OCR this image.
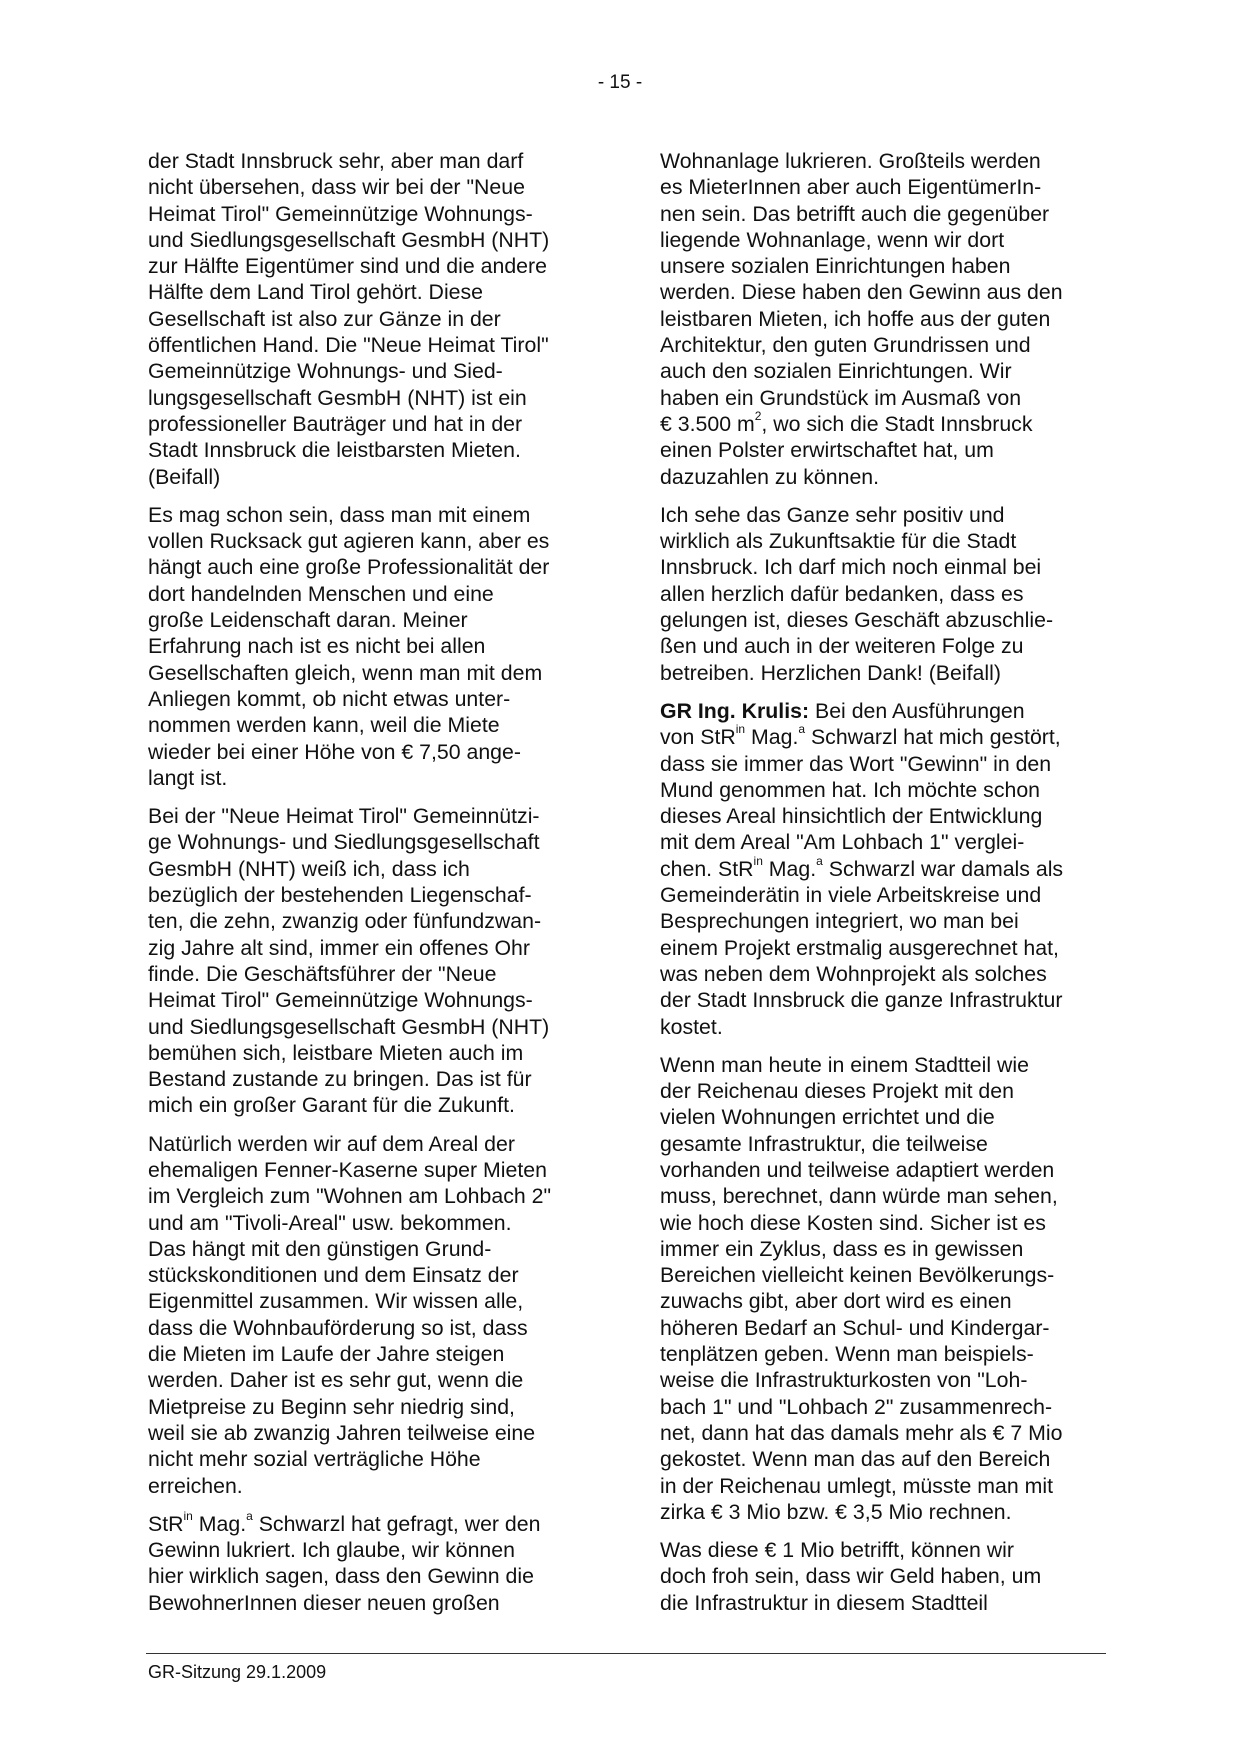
- 15 -

der Stadt Innsbruck sehr, aber man darf
nicht übersehen, dass wir bei der "Neue
Heimat Tirol" Gemeinnützige Wohnungs-
und Siedlungsgesellschaft GesmbH (NHT)
zur Hälfte Eigentümer sind und die andere
Hälfte dem Land Tirol gehört. Diese
Gesellschaft ist also zur Gänze in der
öffentlichen Hand. Die "Neue Heimat Tirol"
Gemeinnützige Wohnungs- und Sied-
lungsgesellschaft GesmbH (NHT) ist ein
professioneller Bauträger und hat in der
Stadt Innsbruck die leistbarsten Mieten.
(Beifall)

Es mag schon sein, dass man mit einem
vollen Rucksack gut agieren kann, aber es
hängt auch eine große Professionalität der
dort handelnden Menschen und eine
große Leidenschaft daran. Meiner
Erfahrung nach ist es nicht bei allen
Gesellschaften gleich, wenn man mit dem
Anliegen kommt, ob nicht etwas unter-
nommen werden kann, weil die Miete
wieder bei einer Höhe von € 7,50 ange-
langt ist.

Bei der "Neue Heimat Tirol" Gemeinnützi-
ge Wohnungs- und Siedlungsgesellschaft
GesmbH (NHT) weiß ich, dass ich
bezüglich der bestehenden Liegenschaf-
ten, die zehn, zwanzig oder fünfundzwan-
zig Jahre alt sind, immer ein offenes Ohr
finde. Die Geschäftsführer der "Neue
Heimat Tirol" Gemeinnützige Wohnungs-
und Siedlungsgesellschaft GesmbH (NHT)
bemühen sich, leistbare Mieten auch im
Bestand zustande zu bringen. Das ist für
mich ein großer Garant für die Zukunft.

Natürlich werden wir auf dem Areal der
ehemaligen Fenner-Kaserne super Mieten
im Vergleich zum "Wohnen am Lohbach 2"
und am "Tivoli-Areal" usw. bekommen.
Das hängt mit den günstigen Grund-
stückskonditionen und dem Einsatz der
Eigenmittel zusammen. Wir wissen alle,
dass die Wohnbauförderung so ist, dass
die Mieten im Laufe der Jahre steigen
werden. Daher ist es sehr gut, wenn die
Mietpreise zu Beginn sehr niedrig sind,
weil sie ab zwanzig Jahren teilweise eine
nicht mehr sozial verträgliche Höhe
erreichen.

StR$^{in}$ Mag.$^a$ Schwarzl hat gefragt, wer den
Gewinn lukriert. Ich glaube, wir können
hier wirklich sagen, dass den Gewinn die
BewohnerInnen dieser neuen großen

Wohnanlage lukrieren. Großteils werden
es MieterInnen aber auch EigentümerIn-
nen sein. Das betrifft auch die gegenüber
liegende Wohnanlage, wenn wir dort
unsere sozialen Einrichtungen haben
werden. Diese haben den Gewinn aus den
leistbaren Mieten, ich hoffe aus der guten
Architektur, den guten Grundrissen und
auch den sozialen Einrichtungen. Wir
haben ein Grundstück im Ausmaß von
€ 3.500 $m^2$, wo sich die Stadt Innsbruck
einen Polster erwirtschaftet hat, um
dazuzahlen zu können.

Ich sehe das Ganze sehr positiv und
wirklich als Zukunftsaktie für die Stadt
Innsbruck. Ich darf mich noch einmal bei
allen herzlich dafür bedanken, dass es
gelungen ist, dieses Geschäft abzuschlie-
ßen und auch in der weiteren Folge zu
betreiben. Herzlichen Dank! (Beifall)

GR Ing. Krulis: Bei den Ausführungen
von StR$^{in}$ Mag.$^a$ Schwarzl hat mich gestört,
dass sie immer das Wort "Gewinn" in den
Mund genommen hat. Ich möchte schon
dieses Areal hinsichtlich der Entwicklung
mit dem Areal "Am Lohbach 1" verglei-
chen. StR$^{in}$ Mag.$^a$ Schwarzl war damals als
Gemeinderätin in viele Arbeitskreise und
Besprechungen integriert, wo man bei
einem Projekt erstmalig ausgerechnet hat,
was neben dem Wohnprojekt als solches
der Stadt Innsbruck die ganze Infrastruktur
kostet.

Wenn man heute in einem Stadtteil wie
der Reichenau dieses Projekt mit den
vielen Wohnungen errichtet und die
gesamte Infrastruktur, die teilweise
vorhanden und teilweise adaptiert werden
muss, berechnet, dann würde man sehen,
wie hoch diese Kosten sind. Sicher ist es
immer ein Zyklus, dass es in gewissen
Bereichen vielleicht keinen Bevölkerungs-
zuwachs gibt, aber dort wird es einen
höheren Bedarf an Schul- und Kindergar-
tenplätzen geben. Wenn man beispiels-
weise die Infrastrukturkosten von "Loh-
bach 1" und "Lohbach 2" zusammenrech-
net, dann hat das damals mehr als € 7 Mio
gekostet. Wenn man das auf den Bereich
in der Reichenau umlegt, müsste man mit
zirka € 3 Mio bzw. € 3,5 Mio rechnen.

Was diese € 1 Mio betrifft, können wir
doch froh sein, dass wir Geld haben, um
die Infrastruktur in diesem Stadtteil

GR-Sitzung 29.1.2009
